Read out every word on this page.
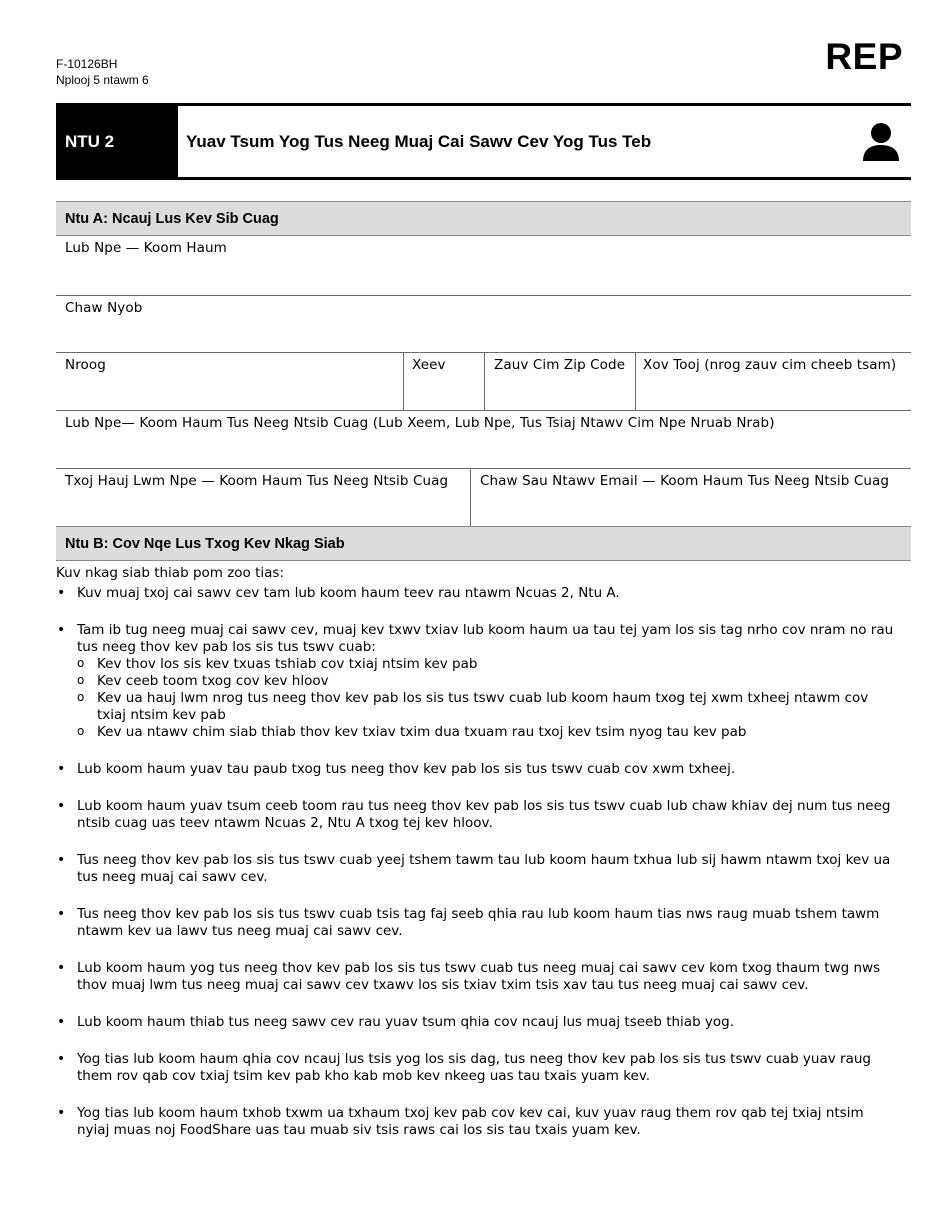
F-10126BH
Nplooj 5 ntawm 6
REP
NTU 2	Yuav Tsum Yog Tus Neeg Muaj Cai Sawv Cev Yog Tus Teb
Ntu A: Ncauj Lus Kev Sib Cuag
Lub Npe — Koom Haum
Chaw Nyob
Nroog	Xeev	Zauv Cim Zip Code	Xov Tooj (nrog zauv cim cheeb tsam)
Lub Npe— Koom Haum Tus Neeg Ntsib Cuag (Lub Xeem, Lub Npe, Tus Tsiaj Ntawv Cim Npe Nruab Nrab)
Txoj Hauj Lwm Npe — Koom Haum Tus Neeg Ntsib Cuag	Chaw Sau Ntawv Email — Koom Haum Tus Neeg Ntsib Cuag
Ntu B: Cov Nqe Lus Txog Kev Nkag Siab

Kuv nkag siab thiab pom zoo tias:

• Kuv muaj txoj cai sawv cev tam lub koom haum teev rau ntawm Ncuas 2, Ntu A.
• Tam ib tug neeg muaj cai sawv cev, muaj kev txwv txiav lub koom haum ua tau tej yam los sis tag nrho cov nram no rau tus neeg thov kev pab los sis tus tswv cuab:
o Kev thov los sis kev txuas tshiab cov txiaj ntsim kev pab
o Kev ceeb toom txog cov kev hloov
o Kev ua hauj lwm nrog tus neeg thov kev pab los sis tus tswv cuab lub koom haum txog tej xwm txheej ntawm cov txiaj ntsim kev pab
o Kev ua ntawv chim siab thiab thov kev txiav txim dua txuam rau txoj kev tsim nyog tau kev pab
• Lub koom haum yuav tau paub txog tus neeg thov kev pab los sis tus tswv cuab cov xwm txheej.
• Lub koom haum yuav tsum ceeb toom rau tus neeg thov kev pab los sis tus tswv cuab lub chaw khiav dej num tus neeg ntsib cuag uas teev ntawm Ncuas 2, Ntu A txog tej kev hloov.
• Tus neeg thov kev pab los sis tus tswv cuab yeej tshem tawm tau lub koom haum txhua lub sij hawm ntawm txoj kev ua tus neeg muaj cai sawv cev.
• Tus neeg thov kev pab los sis tus tswv cuab tsis tag faj seeb qhia rau lub koom haum tias nws raug muab tshem tawm ntawm kev ua lawv tus neeg muaj cai sawv cev.
• Lub koom haum yog tus neeg thov kev pab los sis tus tswv cuab tus neeg muaj cai sawv cev kom txog thaum twg nws thov muaj lwm tus neeg muaj cai sawv cev txawv los sis txiav txim tsis xav tau tus neeg muaj cai sawv cev.
• Lub koom haum thiab tus neeg sawv cev rau yuav tsum qhia cov ncauj lus muaj tseeb thiab yog.
• Yog tias lub koom haum qhia cov ncauj lus tsis yog los sis dag, tus neeg thov kev pab los sis tus tswv cuab yuav raug them rov qab cov txiaj tsim kev pab kho kab mob kev nkeeg uas tau txais yuam kev.
• Yog tias lub koom haum txhob txwm ua txhaum txoj kev pab cov kev cai, kuv yuav raug them rov qab tej txiaj ntsim nyiaj muas noj FoodShare uas tau muab siv tsis raws cai los sis tau txais yuam kev.
